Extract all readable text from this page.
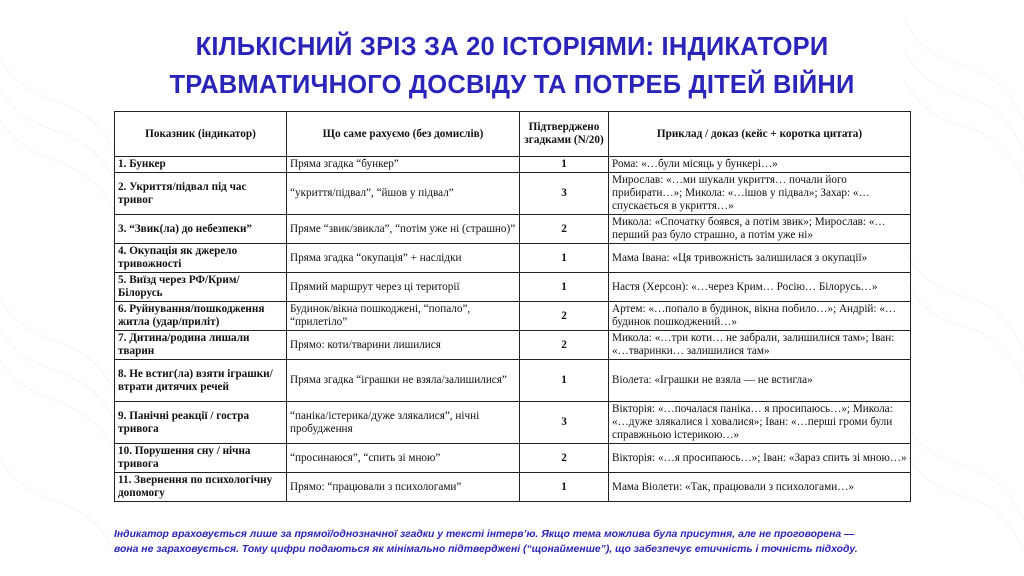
КІЛЬКІСНИЙ ЗРІЗ ЗА 20 ІСТОРІЯМИ: ІНДИКАТОРИ
ТРАВМАТИЧНОГО ДОСВІДУ ТА ПОТРЕБ ДІТЕЙ ВІЙНИ
Показник (індикатор)	Що саме рахуємо (без домислів)	Підтверджено згадками (N/20)	Приклад / доказ (кейс + коротка цитата)
1. Бункер	Пряма згадка “бункер”	1	Рома: «…були місяць у бункері…»
2. Укриття/підвал під час тривог	“укриття/підвал”, “йшов у підвал”	3	Мирослав: «…ми шукали укриття… почали його прибирати…»; Микола: «…ішов у підвал»; Захар: «…спускається в укриття…»
3. “Звик(ла) до небезпеки”	Пряме “звик/звикла”, “потім уже ні (страшно)”	2	Микола: «Спочатку боявся, а потім звик»; Мирослав: «…перший раз було страшно, а потім уже ні»
4. Окупація як джерело тривожності	Пряма згадка “окупація” + наслідки	1	Мама Івана: «Ця тривожність залишилася з окупації»
5. Виїзд через РФ/Крим/Білорусь	Прямий маршрут через ці території	1	Настя (Херсон): «…через Крим… Росію… Білорусь…»
6. Руйнування/пошкодження житла (удар/приліт)	Будинок/вікна пошкоджені, “попало”, “прилетіло”	2	Артем: «…попало в будинок, вікна побило…»; Андрій: «…будинок пошкоджений…»
7. Дитина/родина лишали тварин	Прямо: коти/тварини лишилися	2	Микола: «…три коти… не забрали, залишилися там»; Іван: «…тваринки… залишилися там»
8. Не встиг(ла) взяти іграшки/втрати дитячих речей	Пряма згадка “іграшки не взяла/залишилися”	1	Віолета: «Іграшки не взяла — не встигла»
9. Панічні реакції / гостра тривога	“паніка/істерика/дуже злякалися”, нічні пробудження	3	Вікторія: «…почалася паніка… я просипаюсь…»; Микола: «…дуже злякалися і ховалися»; Іван: «…перші громи були справжньою істерикою…»
10. Порушення сну / нічна тривога	“просинаюся”, “спить зі мною”	2	Вікторія: «…я просипаюсь…»; Іван: «Зараз спить зі мною…»
11. Звернення по психологічну допомогу	Прямо: “працювали з психологами”	1	Мама Віолети: «Так, працювали з психологами…»
Індикатор враховується лише за прямої/однозначної згадки у тексті інтерв’ю. Якщо тема можлива була присутня, але не проговорена —
вона не зараховується. Тому цифри подаються як мінімально підтверджені (“щонайменше”), що забезпечує етичність і точність підходу.
